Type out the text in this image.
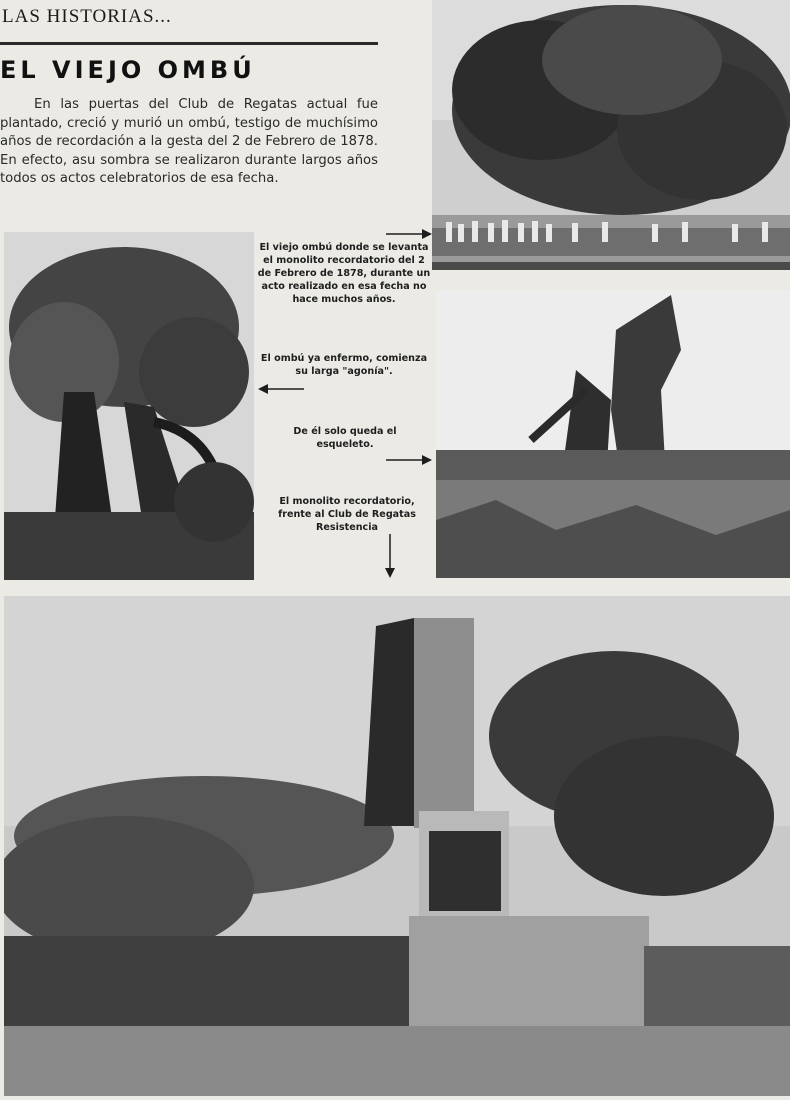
LAS HISTORIAS...
EL VIEJO OMBÚ
En las puertas del Club de Regatas actual fue plantado, creció y murió un ombú, testigo de muchísimo años de recordación a la gesta del 2 de Febrero de 1878. En efecto, asu sombra se realizaron durante largos años todos os actos celebratorios de esa fecha.
El viejo ombú donde se levanta el monolito recordatorio del 2 de Febrero de 1878, durante un acto realizado en esa fecha no hace muchos años.
El ombú ya enfermo, comienza su larga "agonía".
De él solo queda el esqueleto.
El monolito recordatorio, frente al Club de Regatas Resistencia
